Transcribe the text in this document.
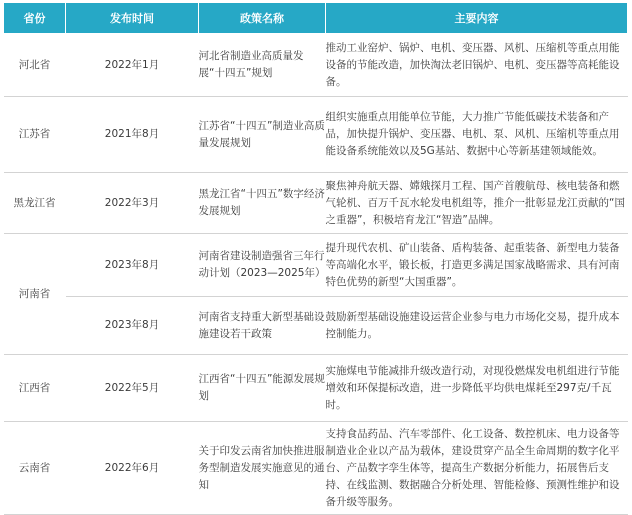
省份	发布时间	政策名称	主要内容
河北省	2022年1月	河北省制造业高质量发展“十四五”规划	推动工业窑炉、锅炉、电机、变压器、风机、压缩机等重点用能设备的节能改造，加快淘汰老旧锅炉、电机、变压器等高耗能设备。
江苏省	2021年8月	江苏省“十四五”制造业高质量发展规划	组织实施重点用能单位节能，大力推广节能低碳技术装备和产品，加快提升锅炉、变压器、电机、泵、风机、压缩机等重点用能设备系统能效以及5G基站、数据中心等新基建领域能效。
黑龙江省	2022年3月	黑龙江省“十四五”数字经济发展规划	聚焦神舟航天器、嫦娥探月工程、国产首艘航母、核电装备和燃气轮机、百万千瓦水轮发电机组等，推介一批彰显龙江贡献的“国之重器”，积极培育龙江“智造”品牌。
河南省	2023年8月	河南省建设制造强省三年行动计划（2023—2025年）	提升现代农机、矿山装备、盾构装备、起重装备、新型电力装备等高端化水平，锻长板，打造更多满足国家战略需求、具有河南特色优势的新型“大国重器”。
	2023年8月	河南省支持重大新型基础设施建设若干政策	鼓励新型基础设施建设运营企业参与电力市场化交易，提升成本控制能力。
江西省	2022年5月	江西省“十四五”能源发展规划	实施煤电节能减排升级改造行动，对现役燃煤发电机组进行节能增效和环保提标改造，进一步降低平均供电煤耗至297克/千瓦时。
云南省	2022年6月	关于印发云南省加快推进服务型制造发展实施意见的通知	支持食品药品、汽车零部件、化工设备、数控机床、电力设备等制造业企业以产品为载体，建设贯穿产品全生命周期的数字化平台、产品数字孪生体等，提高生产数据分析能力，拓展售后支持、在线监测、数据融合分析处理、智能检修、预测性维护和设备升级等服务。
